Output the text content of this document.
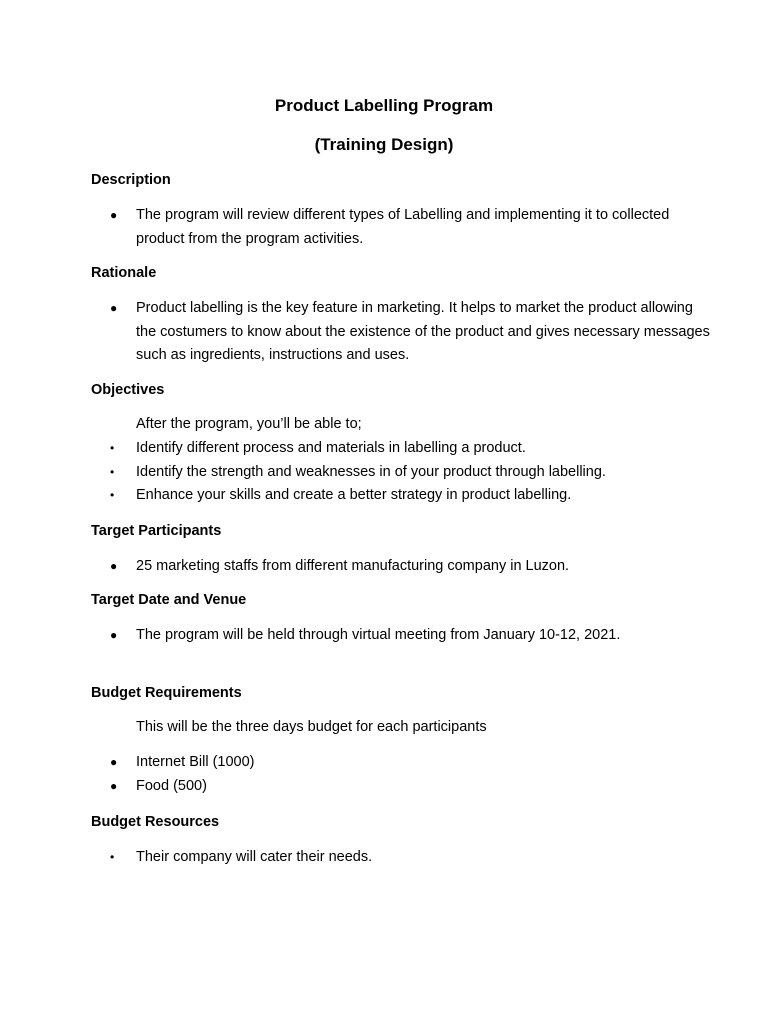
Product Labelling Program
(Training Design)
Description
●	The program will review different types of Labelling and implementing it to collected product from the program activities.
Rationale
●	Product labelling is the key feature in marketing. It helps to market the product allowing the costumers to know about the existence of the product and gives necessary messages such as ingredients, instructions and uses.
Objectives
After the program, you’ll be able to;
•	Identify different process and materials in labelling a product.
•	Identify the strength and weaknesses in of your product through labelling.
•	Enhance your skills and create a better strategy in product labelling.
Target Participants
●	25 marketing staffs from different manufacturing company in Luzon.
Target Date and Venue
●	The program will be held through virtual meeting from January 10-12, 2021.
Budget Requirements
This will be the three days budget for each participants
●	Internet Bill (1000)
●	Food (500)
Budget Resources
•	Their company will cater their needs.
